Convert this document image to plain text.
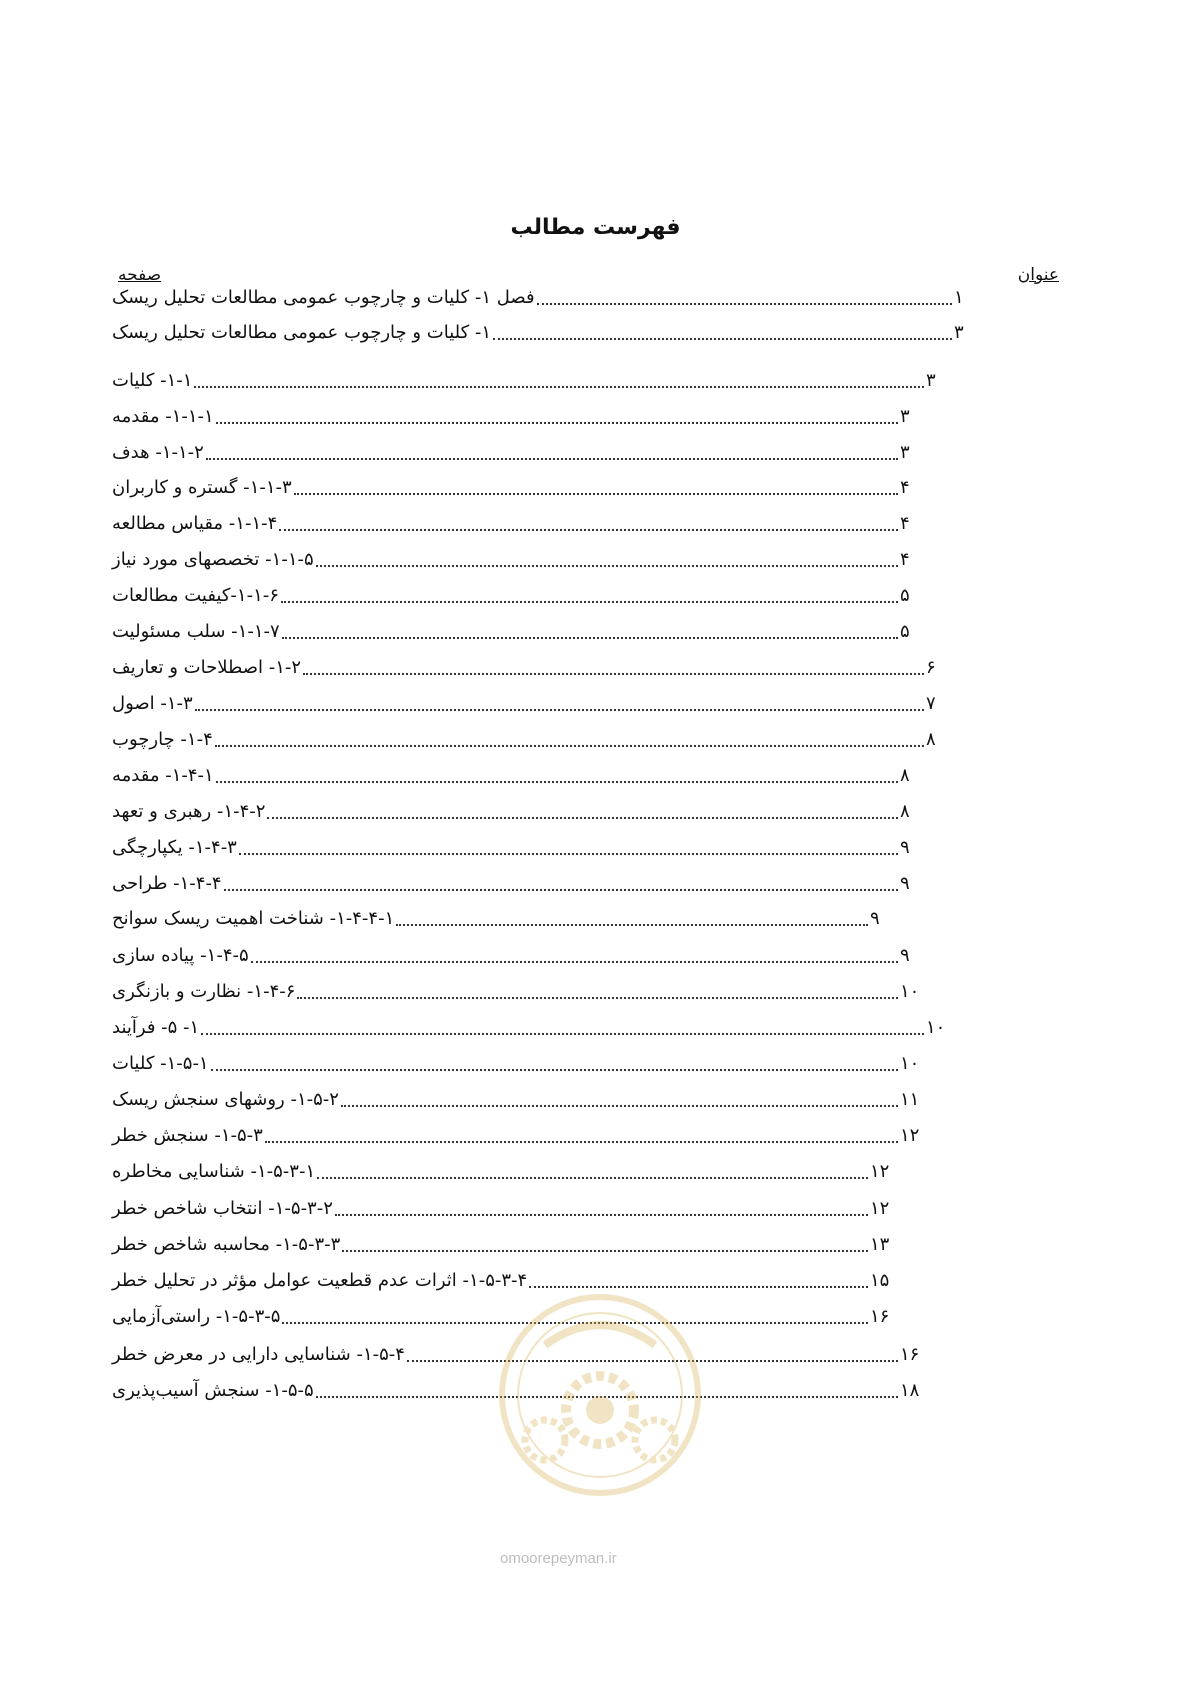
فهرست مطالب
عنوان
صفحه
فصل ۱- کلیات و چارچوب عمومی مطالعات تحلیل ریسک	۱
۱- کلیات و چارچوب عمومی مطالعات تحلیل ریسک	۳
۱-۱- کلیات	۳
۱-۱-۱- مقدمه	۳
۱-۱-۲- هدف	۳
۱-۱-۳- گستره و کاربران	۴
۱-۱-۴- مقیاس مطالعه	۴
۱-۱-۵- تخصصهای مورد نیاز	۴
۱-۱-۶-کیفیت مطالعات	۵
۱-۱-۷- سلب مسئولیت	۵
۱-۲- اصطلاحات و تعاریف	۶
۱-۳- اصول	۷
۱-۴- چارچوب	۸
۱-۴-۱- مقدمه	۸
۱-۴-۲- رهبری و تعهد	۸
۱-۴-۳- یکپارچگی	۹
۱-۴-۴- طراحی	۹
۱-۴-۴-۱- شناخت اهمیت ریسک سوانح	۹
۱-۴-۵- پیاده سازی	۹
۱-۴-۶- نظارت و بازنگری	۱۰
۱- ۵- فرآیند	۱۰
۱-۵-۱- کلیات	۱۰
۱-۵-۲- روشهای سنجش ریسک	۱۱
۱-۵-۳- سنجش خطر	۱۲
۱-۵-۳-۱- شناسایی مخاطره	۱۲
۱-۵-۳-۲- انتخاب شاخص خطر	۱۲
۱-۵-۳-۳- محاسبه شاخص خطر	۱۳
۱-۵-۳-۴- اثرات عدم قطعیت عوامل مؤثر در تحلیل خطر	۱۵
۱-۵-۳-۵- راستی‌آزمایی	۱۶
۱-۵-۴- شناسایی دارایی در معرض خطر	۱۶
۱-۵-۵- سنجش آسیب‌پذیری	۱۸
omoorepeyman.ir
